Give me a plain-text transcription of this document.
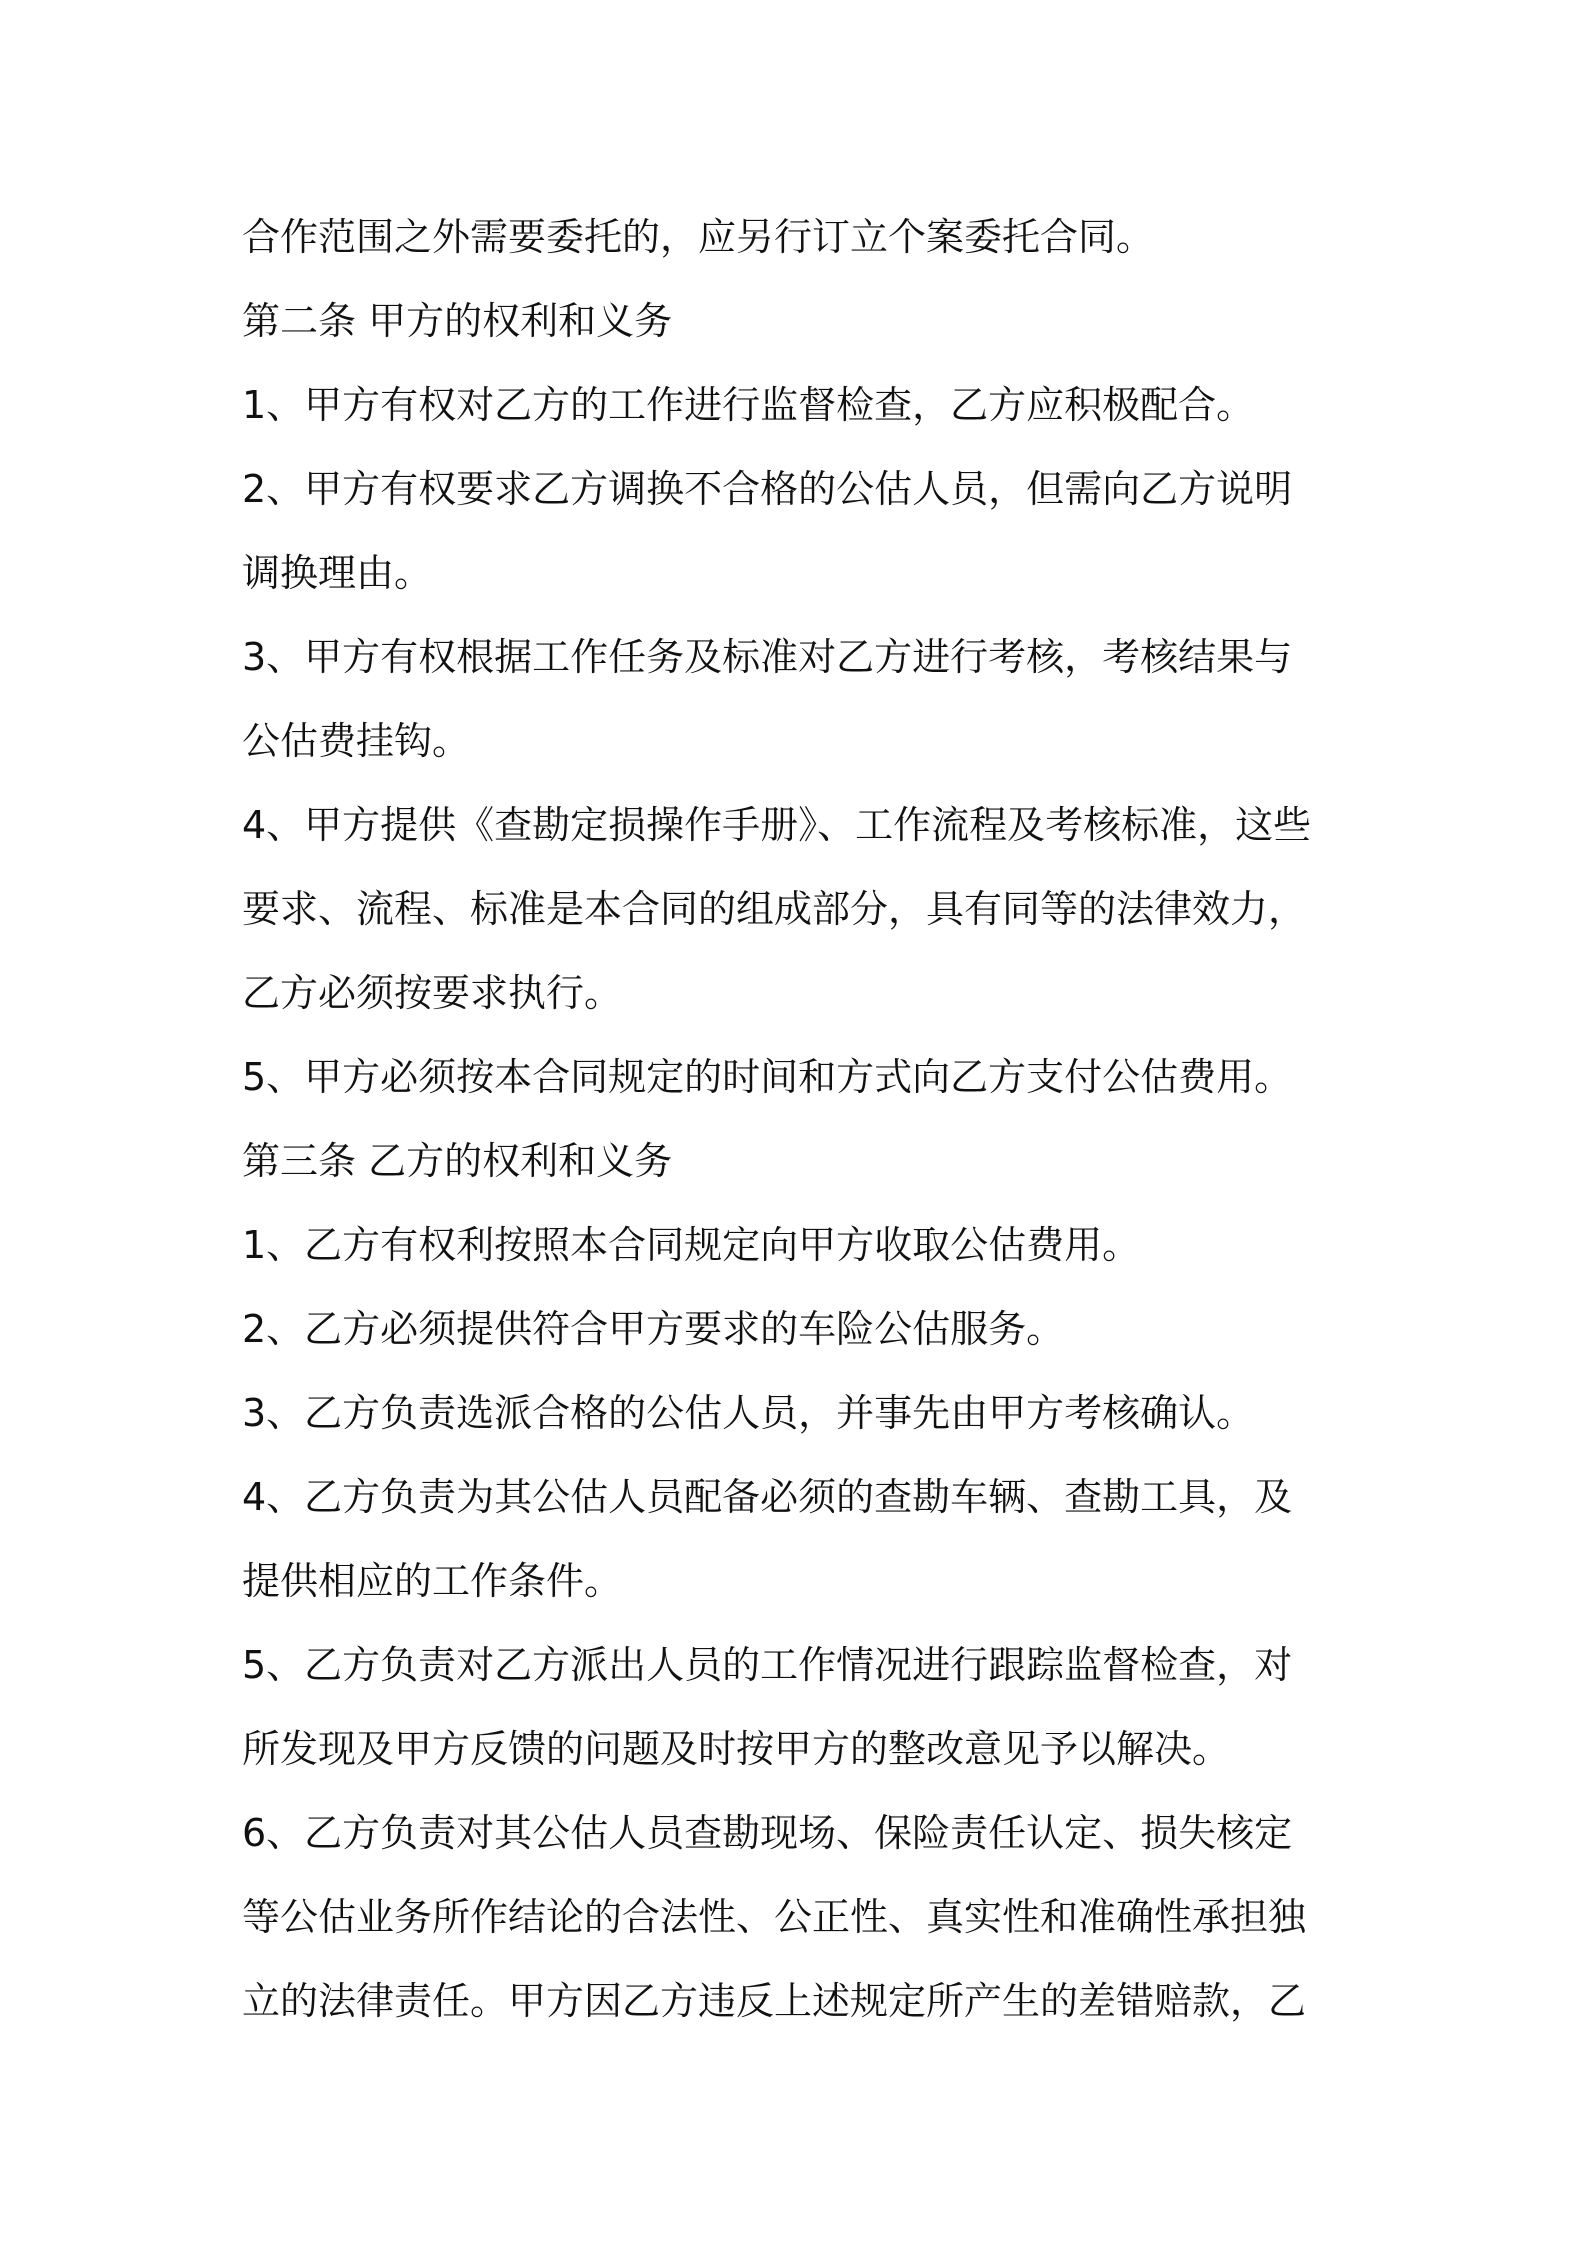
合作范围之外需要委托的，应另行订立个案委托合同。
第二条 甲方的权利和义务
1、甲方有权对乙方的工作进行监督检查，乙方应积极配合。
2、甲方有权要求乙方调换不合格的公估人员，但需向乙方说明
调换理由。
3、甲方有权根据工作任务及标准对乙方进行考核，考核结果与
公估费挂钩。
4、甲方提供《查勘定损操作手册》、工作流程及考核标准，这些
要求、流程、标准是本合同的组成部分，具有同等的法律效力，
乙方必须按要求执行。
5、甲方必须按本合同规定的时间和方式向乙方支付公估费用。
第三条 乙方的权利和义务
1、乙方有权利按照本合同规定向甲方收取公估费用。
2、乙方必须提供符合甲方要求的车险公估服务。
3、乙方负责选派合格的公估人员，并事先由甲方考核确认。
4、乙方负责为其公估人员配备必须的查勘车辆、查勘工具，及
提供相应的工作条件。
5、乙方负责对乙方派出人员的工作情况进行跟踪监督检查，对
所发现及甲方反馈的问题及时按甲方的整改意见予以解决。
6、乙方负责对其公估人员查勘现场、保险责任认定、损失核定
等公估业务所作结论的合法性、公正性、真实性和准确性承担独
立的法律责任。甲方因乙方违反上述规定所产生的差错赔款，乙
